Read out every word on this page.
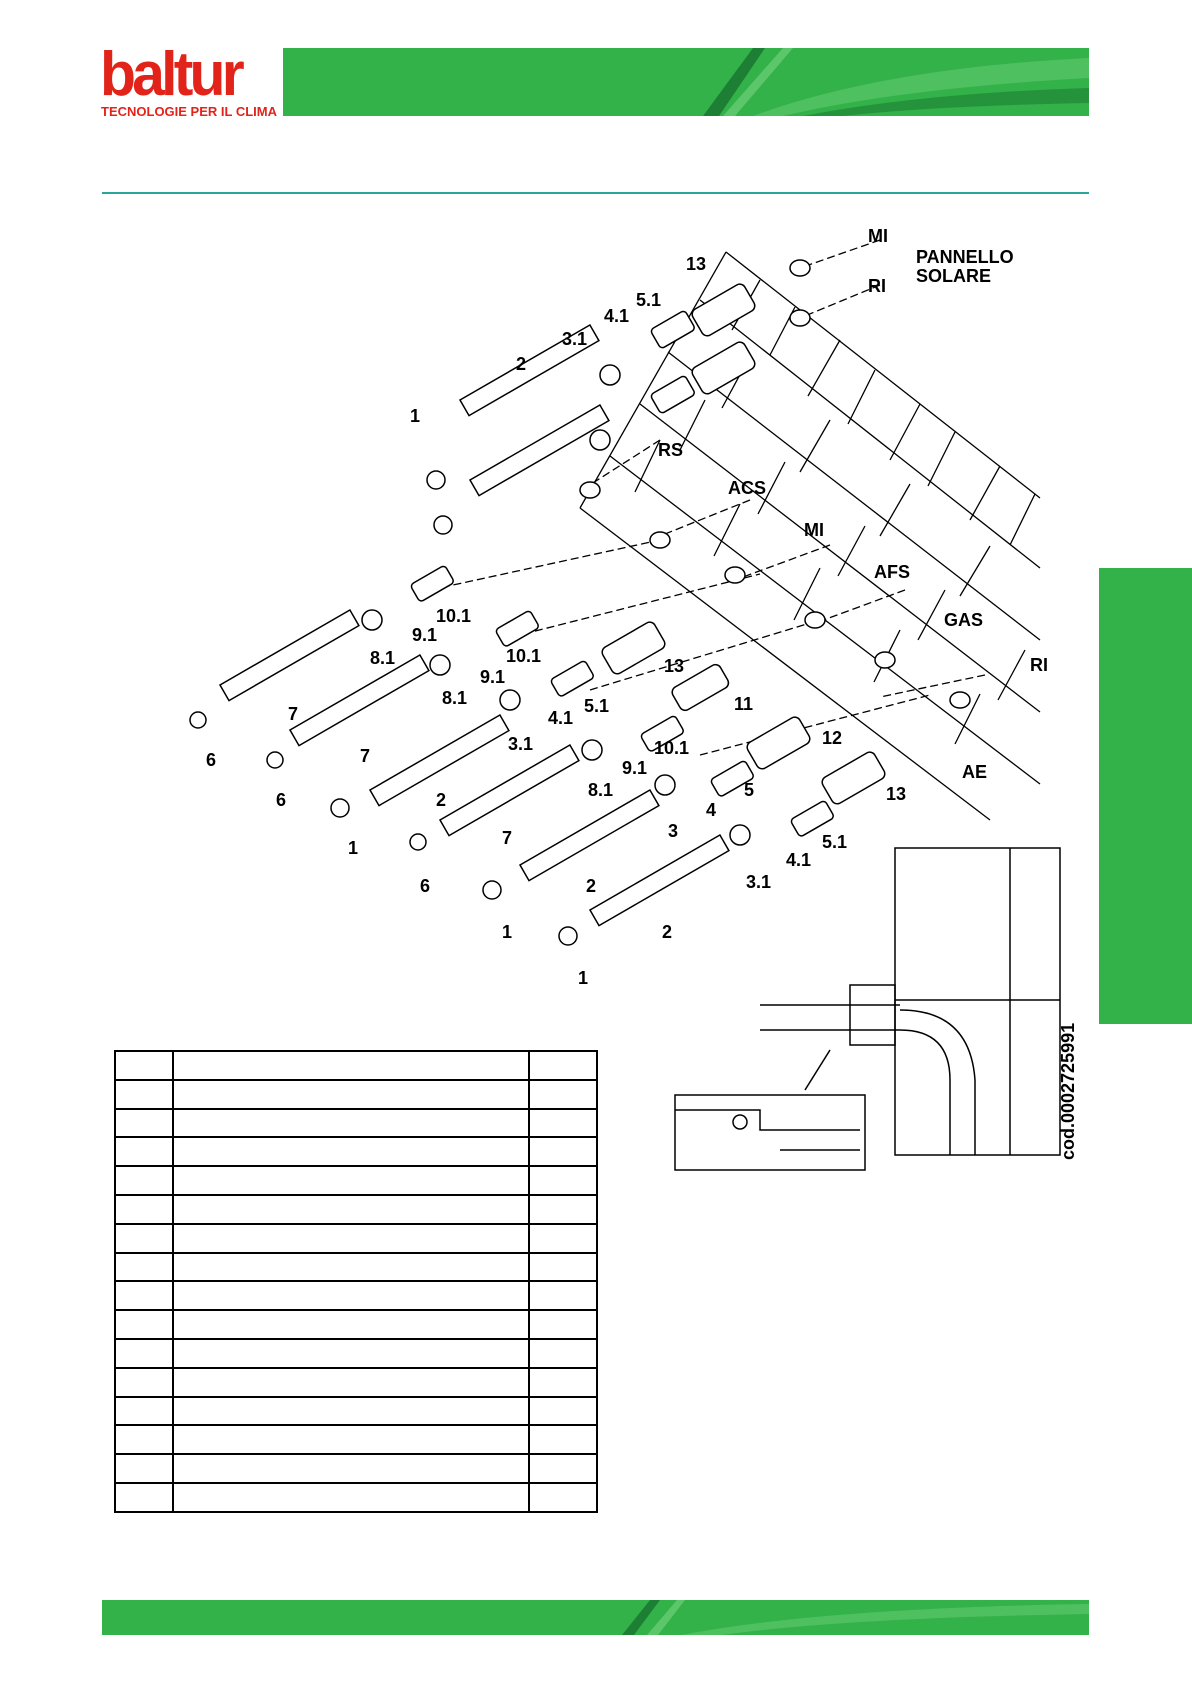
baltur
TECNOLOGIE PER IL CLIMA
13
5.1
4.1
3.1
2
1
RS
ACS
MI
AFS
GAS
RI
MI
RI
PANNELLO
SOLARE
10.1
9.1
8.1	10.1
9.1
8.1
13
5.1
4.1
3.1
11
10.1
9.1
8.1
12
5
4
3
13
5.1
4.1
3.1
AE
7
6	7
6	2
1	7
6	2
1	2
1
cod.0002725991
